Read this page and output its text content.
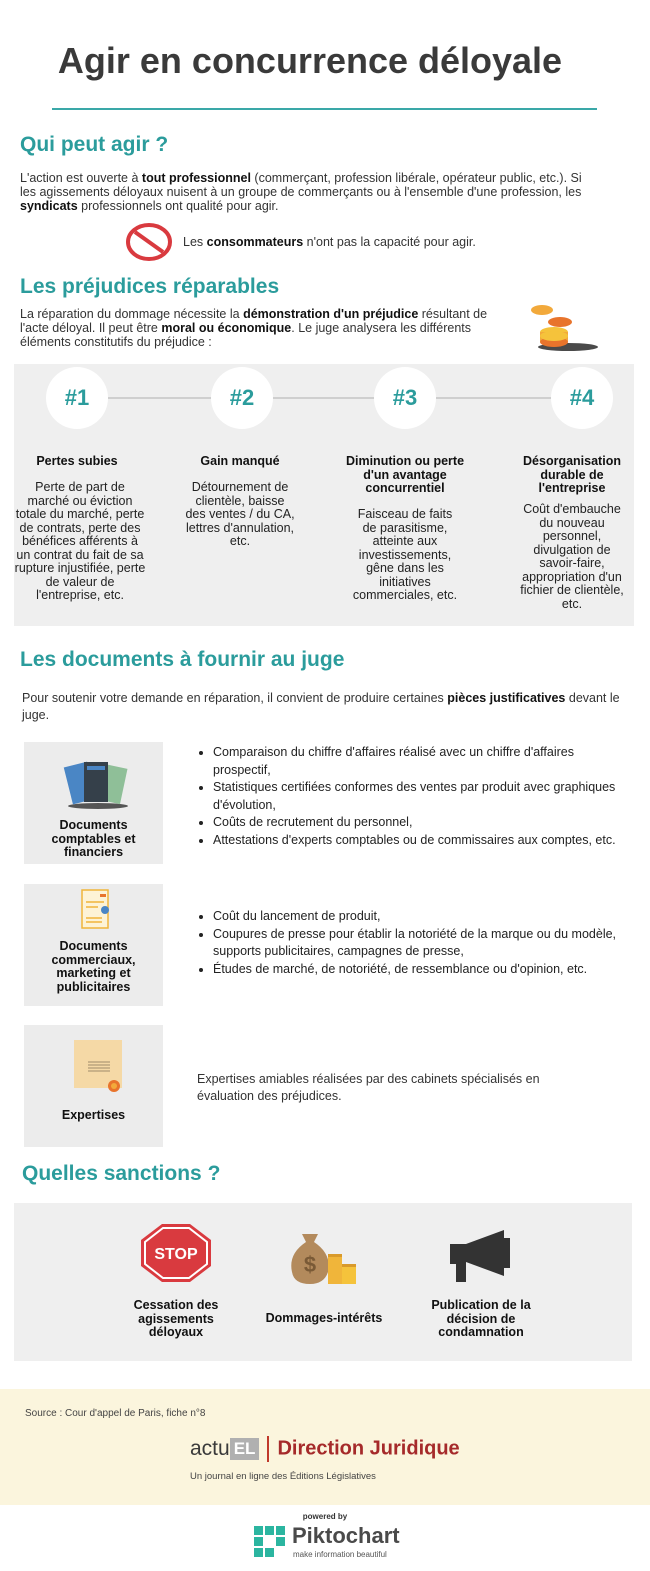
Agir en concurrence déloyale
Qui peut agir ?
L'action est ouverte à tout professionnel (commerçant, profession libérale, opérateur public, etc.). Si les agissements déloyaux nuisent à un groupe de commerçants ou à l'ensemble d'une profession, les syndicats professionnels ont qualité pour agir.
Les consommateurs n'ont pas la capacité pour agir.
Les préjudices réparables
La réparation du dommage nécessite la démonstration d'un préjudice résultant de l'acte déloyal. Il peut être moral ou économique. Le juge analysera les différents éléments constitutifs du préjudice :
#1	#2	#3	#4
Pertes subies
Perte de part de marché ou éviction totale du marché, perte de contrats, perte des bénéfices afférents à un contrat du fait de sa rupture injustifiée, perte de valeur de l'entreprise, etc.
Gain manqué
Détournement de clientèle, baisse des ventes / du CA, lettres d'annulation, etc.
Diminution ou perte d'un avantage concurrentiel
Faisceau de faits de parasitisme, atteinte aux investissements, gêne dans les initiatives commerciales, etc.
Désorganisation durable de l'entreprise
Coût d'embauche du nouveau personnel, divulgation de savoir-faire, appropriation d'un fichier de clientèle, etc.
Les documents à fournir au juge
Pour soutenir votre demande en réparation, il convient de produire certaines pièces justificatives devant le juge.
Documents comptables et financiers
• Comparaison du chiffre d'affaires réalisé avec un chiffre d'affaires prospectif,
• Statistiques certifiées conformes des ventes par produit avec graphiques d'évolution,
• Coûts de recrutement du personnel,
• Attestations d'experts comptables ou de commissaires aux comptes, etc.
Documents commerciaux, marketing et publicitaires
• Coût du lancement de produit,
• Coupures de presse pour établir la notoriété de la marque ou du modèle, supports publicitaires, campagnes de presse,
• Études de marché, de notoriété, de ressemblance ou d'opinion, etc.
Expertises
Expertises amiables réalisées par des cabinets spécialisés en évaluation des préjudices.
Quelles sanctions ?
STOP	$
Cessation des agissements déloyaux
Dommages-intérêts
Publication de la décision de condamnation
Source : Cour d'appel de Paris, fiche n°8
actu EL Direction Juridique
Un journal en ligne des Éditions Législatives
powered by
Piktochart
make information beautiful
